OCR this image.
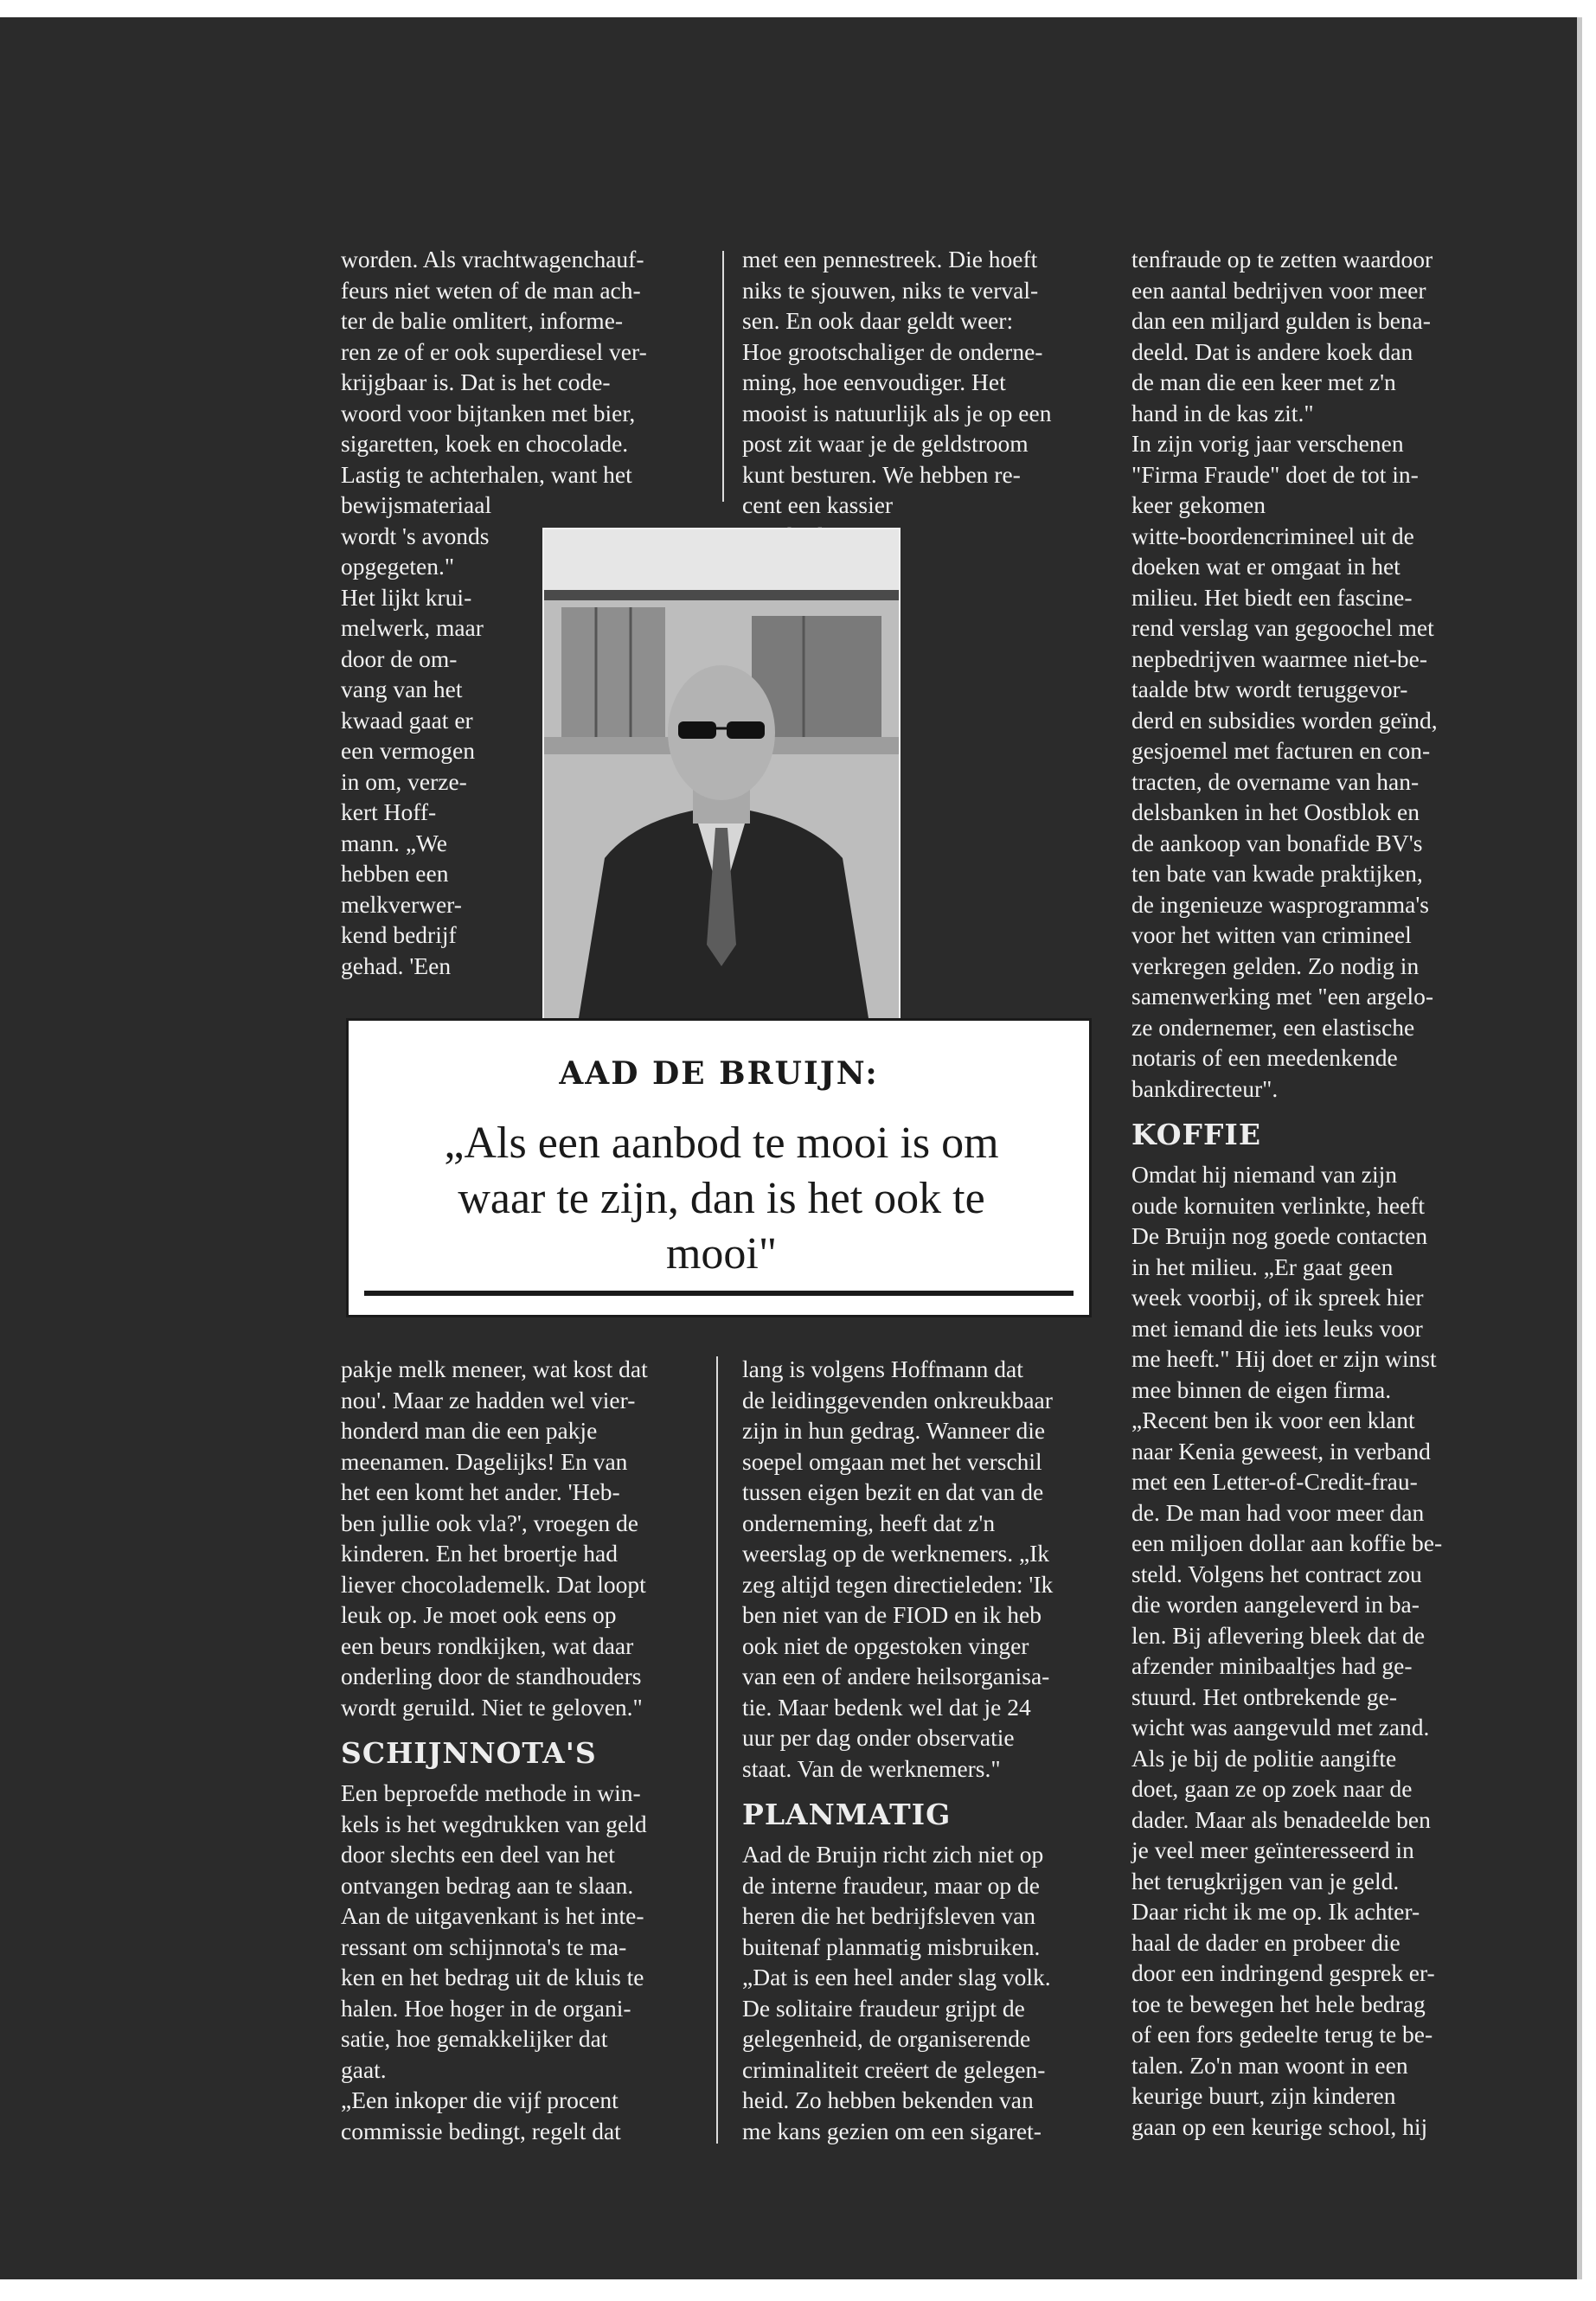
worden. Als vrachtwagenchauf-
feurs niet weten of de man ach-
ter de balie omlitert, informe-
ren ze of er ook superdiesel ver-
krijgbaar is. Dat is het code-
woord voor bijtanken met bier,
sigaretten, koek en chocolade.
Lastig te achterhalen, want het
bewijsmateriaal
wordt 's avonds
opgegeten."
Het lijkt krui-
melwerk, maar
door de om-
vang van het
kwaad gaat er
een vermogen
in om, verze-
kert Hoff-
mann. „We
hebben een
melkverwer-
kend bedrijf
gehad. 'Een
met een pennestreek. Die hoeft
niks te sjouwen, niks te verval-
sen. En ook daar geldt weer:
Hoe grootschaliger de onderne-
ming, hoe eenvoudiger. Het
mooist is natuurlijk als je op een
post zit waar je de geldstroom
kunt besturen. We hebben re-
cent een kassier
tenfraude op te zetten waardoor
een aantal bedrijven voor meer
dan een miljard gulden is bena-
deeld. Dat is andere koek dan
de man die een keer met z'n
hand in de kas zit."
In zijn vorig jaar verschenen
"Firma Fraude" doet de tot in-
keer gekomen
witte-boordencrimineel uit de
doeken wat er omgaat in het
milieu. Het biedt een fascine-
rend verslag van gegoochel met
nepbedrijven waarmee niet-be-
taalde btw wordt teruggevor-
derd en subsidies worden geïnd,
gesjoemel met facturen en con-
tracten, de overname van han-
delsbanken in het Oostblok en
de aankoop van bonafide BV's
ten bate van kwade praktijken,
de ingenieuze wasprogramma's
voor het witten van crimineel
verkregen gelden. Zo nodig in
samenwerking met "een argelo-
ze ondernemer, een elastische
notaris of een meedenkende
bankdirecteur".
KOFFIE
Omdat hij niemand van zijn
oude kornuiten verlinkte, heeft
De Bruijn nog goede contacten
in het milieu. „Er gaat geen
week voorbij, of ik spreek hier
met iemand die iets leuks voor
me heeft." Hij doet er zijn winst
mee binnen de eigen firma.
„Recent ben ik voor een klant
naar Kenia geweest, in verband
met een Letter-of-Credit-frau-
de. De man had voor meer dan
een miljoen dollar aan koffie be-
steld. Volgens het contract zou
die worden aangeleverd in ba-
len. Bij aflevering bleek dat de
afzender minibaaltjes had ge-
stuurd. Het ontbrekende ge-
wicht was aangevuld met zand.
Als je bij de politie aangifte
doet, gaan ze op zoek naar de
dader. Maar als benadeelde ben
je veel meer geïnteresseerd in
het terugkrijgen van je geld.
Daar richt ik me op. Ik achter-
haal de dader en probeer die
door een indringend gesprek er-
toe te bewegen het hele bedrag
of een fors gedeelte terug te be-
talen. Zo'n man woont in een
keurige buurt, zijn kinderen
gaan op een keurige school, hij
AAD DE BRUIJN:
„Als een aanbod te mooi is om
waar te zijn, dan is het ook te
mooi"
pakje melk meneer, wat kost dat
nou'. Maar ze hadden wel vier-
honderd man die een pakje
meenamen. Dagelijks! En van
het een komt het ander. 'Heb-
ben jullie ook vla?', vroegen de
kinderen. En het broertje had
liever chocolademelk. Dat loopt
leuk op. Je moet ook eens op
een beurs rondkijken, wat daar
onderling door de standhouders
wordt geruild. Niet te geloven."
SCHIJNNOTA'S
Een beproefde methode in win-
kels is het wegdrukken van geld
door slechts een deel van het
ontvangen bedrag aan te slaan.
Aan de uitgavenkant is het inte-
ressant om schijnnota's te ma-
ken en het bedrag uit de kluis te
halen. Hoe hoger in de organi-
satie, hoe gemakkelijker dat
gaat.
„Een inkoper die vijf procent
commissie bedingt, regelt dat
lang is volgens Hoffmann dat
de leidinggevenden onkreukbaar
zijn in hun gedrag. Wanneer die
soepel omgaan met het verschil
tussen eigen bezit en dat van de
onderneming, heeft dat z'n
weerslag op de werknemers. „Ik
zeg altijd tegen directieleden: 'Ik
ben niet van de FIOD en ik heb
ook niet de opgestoken vinger
van een of andere heilsorganisa-
tie. Maar bedenk wel dat je 24
uur per dag onder observatie
staat. Van de werknemers."
PLANMATIG
Aad de Bruijn richt zich niet op
de interne fraudeur, maar op de
heren die het bedrijfsleven van
buitenaf planmatig misbruiken.
„Dat is een heel ander slag volk.
De solitaire fraudeur grijpt de
gelegenheid, de organiserende
criminaliteit creëert de gelegen-
heid. Zo hebben bekenden van
me kans gezien om een sigaret-
